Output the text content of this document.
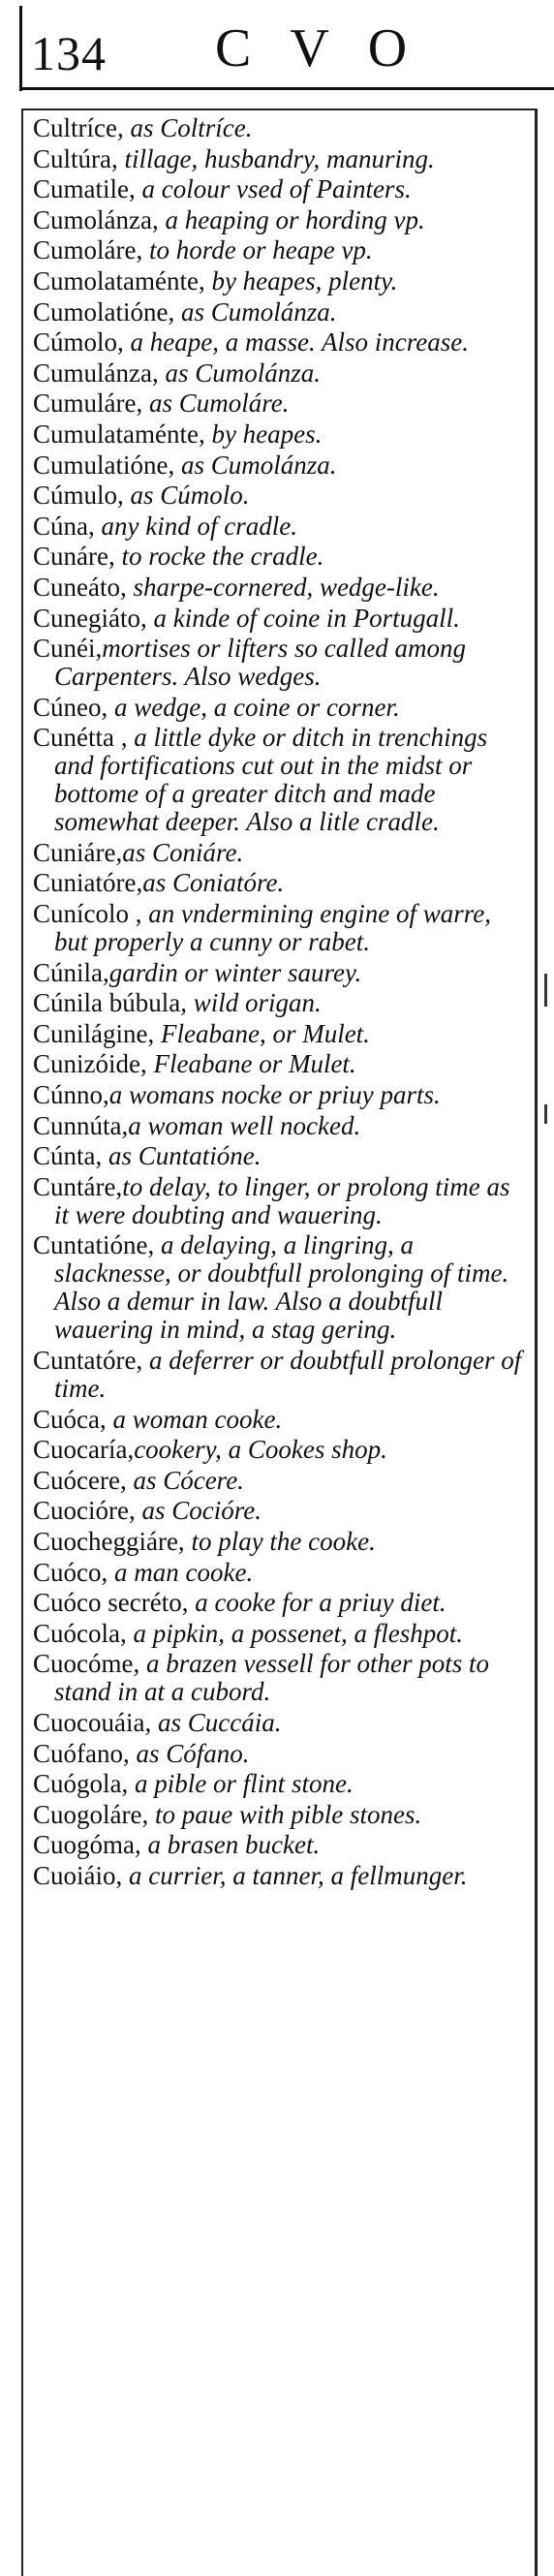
134 CVO
Cultríce, as Coltríce.
Cultúra, tillage, husbandry, manuring.
Cumatile, a colour vsed of Painters.
Cumolánza, a heaping or hording vp.
Cumoláre, to horde or heape vp.
Cumolataménte, by heapes, plenty.
Cumolatióne, as Cumolánza.
Cúmolo, a heape, a masse. Also increase.
Cumulánza, as Cumolánza.
Cumuláre, as Cumoláre.
Cumulataménte, by heapes.
Cumulatióne, as Cumolánza.
Cúmulo, as Cúmolo.
Cúna, any kind of cradle.
Cunáre, to rocke the cradle.
Cuneáto, sharpe-cornered, wedge-like.
Cunegiáto, a kinde of coine in Portugall.
Cunéi,mortises or lifters so called among Carpenters. Also wedges.
Cúneo, a wedge, a coine or corner.
Cunétta , a little dyke or ditch in trenchings and fortifications cut out in the midst or bottome of a greater ditch and made somewhat deeper. Also a litle cradle.
Cuniáre,as Coniáre.
Cuniatóre,as Coniatóre.
Cunícolo , an vndermining engine of warre, but properly a cunny or rabet.
Cúnila,gardin or winter saurey.
Cúnila búbula, wild origan.
Cunilágine, Fleabane, or Mulet.
Cunizóide, Fleabane or Mulet.
Cúnno,a womans nocke or priuy parts.
Cunnúta,a woman well nocked.
Cúnta, as Cuntatióne.
Cuntáre,to delay, to linger, or prolong time as it were doubting and wauering.
Cuntatióne, a delaying, a lingring, a slacknesse, or doubtfull prolonging of time. Also a demur in law. Also a doubtfull wauering in mind, a stag gering.
Cuntatóre, a deferrer or doubtfull prolonger of time.
Cuóca, a woman cooke.
Cuocaría,cookery, a Cookes shop.
Cuócere, as Cócere.
Cuocióre, as Cocióre.
Cuocheggiáre, to play the cooke.
Cuóco, a man cooke.
Cuóco secréto, a cooke for a priuy diet.
Cuócola, a pipkin, a possenet, a fleshpot.
Cuocóme, a brazen vessell for other pots to stand in at a cubord.
Cuocouáia, as Cuccáia.
Cuófano, as Cófano.
Cuógola, a pible or flint stone.
Cuogoláre, to paue with pible stones.
Cuogóma, a brasen bucket.
Cuoiáio, a currier, a tanner, a fellmunger.
